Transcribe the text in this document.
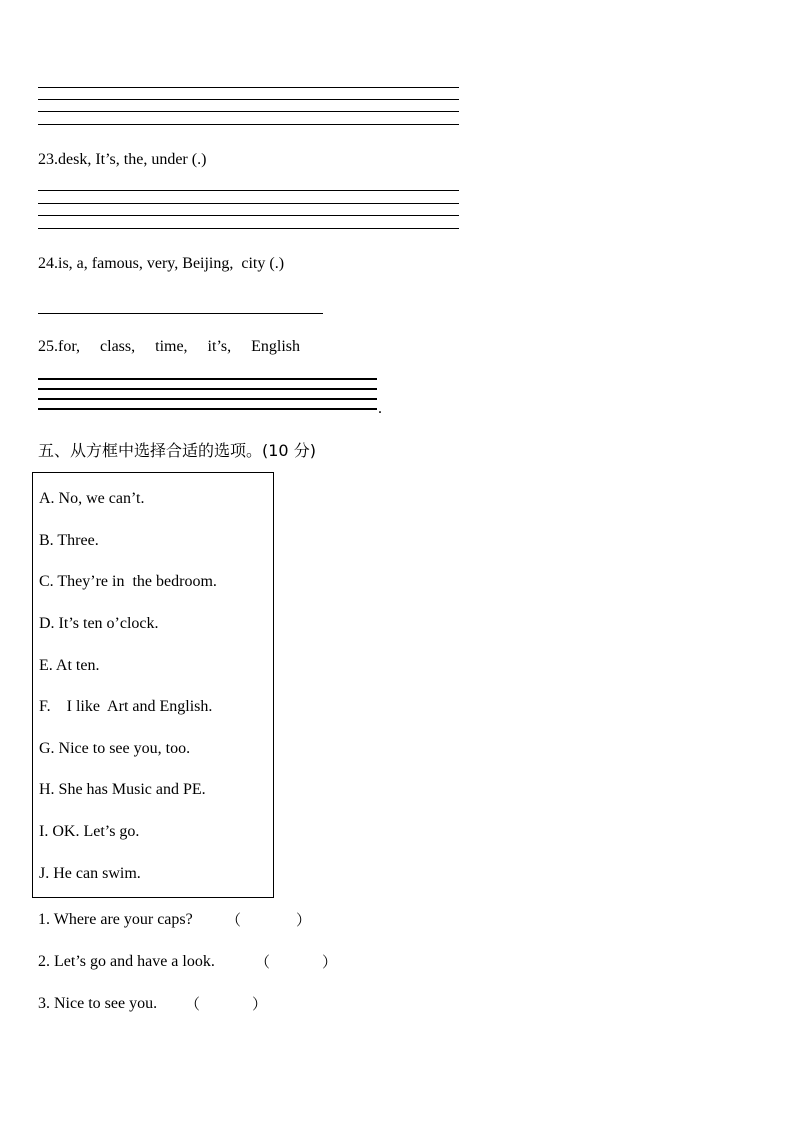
23.desk, It’s, the, under (.)
24.is, a, famous, very, Beijing,  city (.)
25.for,     class,     time,     it’s,     English
.
五、从方框中选择合适的选项。(10 分)
A. No, we can’t.
B. Three.
C. They’re in  the bedroom.
D. It’s ten o’clock.
E. At ten.
F.    I like  Art and English.
G. Nice to see you, too.
H. She has Music and PE.
I. OK. Let’s go.
J. He can swim.
1. Where are your caps? （	）
2. Let’s go and have a look.	（	）
3. Nice to see you. （	）
